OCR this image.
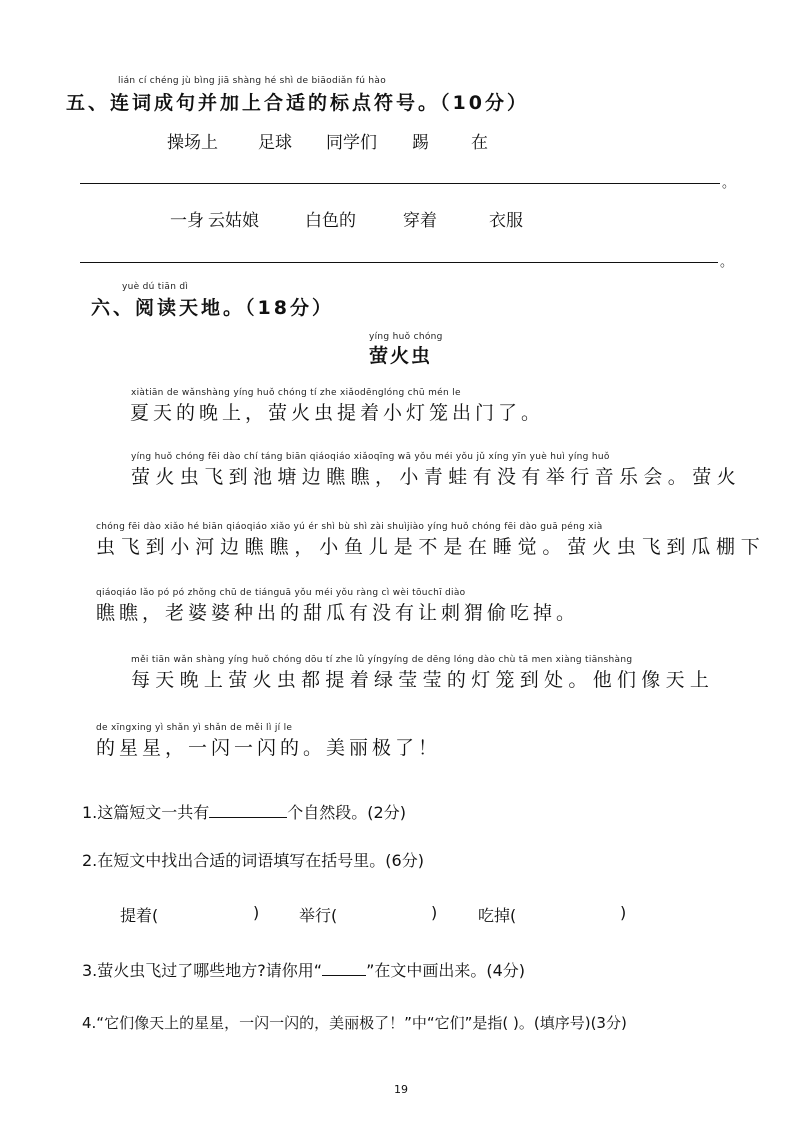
lián cí chéng jù bìng jiā shàng hé shì de biāodiǎn fú hào
五、连词成句并加上合适的标点符号。（10分）
操场上 足球 同学们 踢 在
。
一身 云姑娘	白色的	穿着	衣服
。
yuè dú tiān dì
六、阅读天地。（18分）
yíng huǒ chóng
萤火虫
xiàtiān de wǎnshàng yíng huǒ chóng tí zhe xiǎodēnglóng chū mén le
夏天的晚上，萤火虫提着小灯笼出门了。
yíng huǒ chóng fēi dào chí táng biān qiáoqiáo xiǎoqīng wā yǒu méi yǒu jǔ xíng yīn yuè huì yíng huǒ
萤火虫飞到池塘边瞧瞧，小青蛙有没有举行音乐会。萤火
chóng fēi dào xiǎo hé biān qiáoqiáo xiǎo yú ér shì bù shì zài shuìjiào yíng huǒ chóng fēi dào guā péng xià
虫飞到小河边瞧瞧，小鱼儿是不是在睡觉。萤火虫飞到瓜棚下
qiáoqiáo lǎo pó pó zhǒng chū de tiánguā yǒu méi yǒu ràng cì wèi tōuchī diào
瞧瞧，老婆婆种出的甜瓜有没有让刺猬偷吃掉。
měi tiān wǎn shàng yíng huǒ chóng dōu tí zhe lǜ yíngyíng de dēng lóng dào chù tā men xiàng tiānshàng
每天晚上萤火虫都提着绿莹莹的灯笼到处。他们像天上
de xīngxing yì shǎn yì shǎn de měi lì jí le
的星星，一闪一闪的。美丽极了！
1.这篇短文一共有	个自然段。(2分)
2.在短文中找出合适的词语填写在括号里。(6分)
提着(	) 举行(	)	吃掉(	)
3.萤火虫飞过了哪些地方?请你用“	”在文中画出来。(4分)
4.“它们像天上的星星，一闪一闪的，美丽极了！”中“它们”是指( )。(填序号)(3分)
19
